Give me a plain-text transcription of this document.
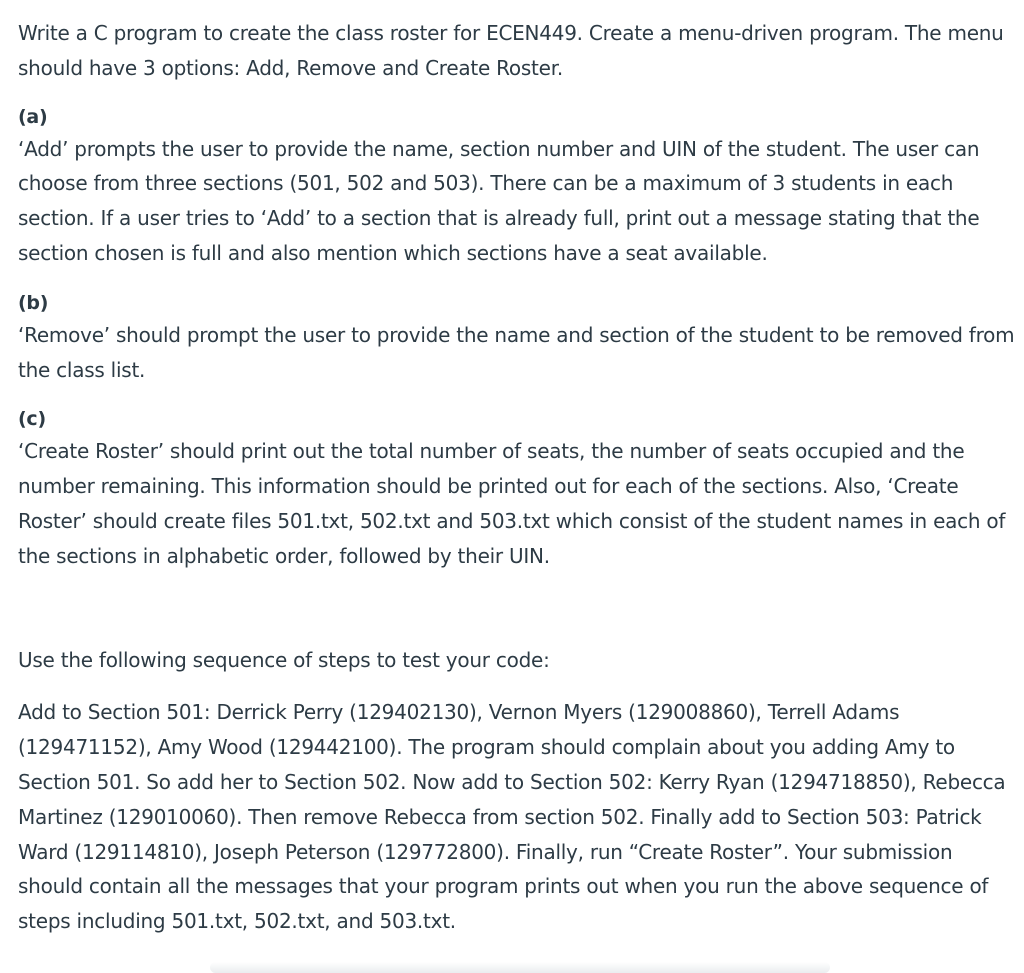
Write a C program to create the class roster for ECEN449. Create a menu-driven program. The menu should have 3 options: Add, Remove and Create Roster.

(a)

‘Add’ prompts the user to provide the name, section number and UIN of the student. The user can choose from three sections (501, 502 and 503). There can be a maximum of 3 students in each section. If a user tries to ‘Add’ to a section that is already full, print out a message stating that the section chosen is full and also mention which sections have a seat available.

(b)

‘Remove’ should prompt the user to provide the name and section of the student to be removed from the class list.

(c)

‘Create Roster’ should print out the total number of seats, the number of seats occupied and the number remaining. This information should be printed out for each of the sections. Also, ‘Create Roster’ should create files 501.txt, 502.txt and 503.txt which consist of the student names in each of the sections in alphabetic order, followed by their UIN.

Use the following sequence of steps to test your code:

Add to Section 501: Derrick Perry (129402130), Vernon Myers (129008860), Terrell Adams (129471152), Amy Wood (129442100). The program should complain about you adding Amy to Section 501. So add her to Section 502. Now add to Section 502: Kerry Ryan (1294718850), Rebecca Martinez (129010060). Then remove Rebecca from section 502. Finally add to Section 503: Patrick Ward (129114810), Joseph Peterson (129772800). Finally, run “Create Roster”. Your submission should contain all the messages that your program prints out when you run the above sequence of steps including 501.txt, 502.txt, and 503.txt.
